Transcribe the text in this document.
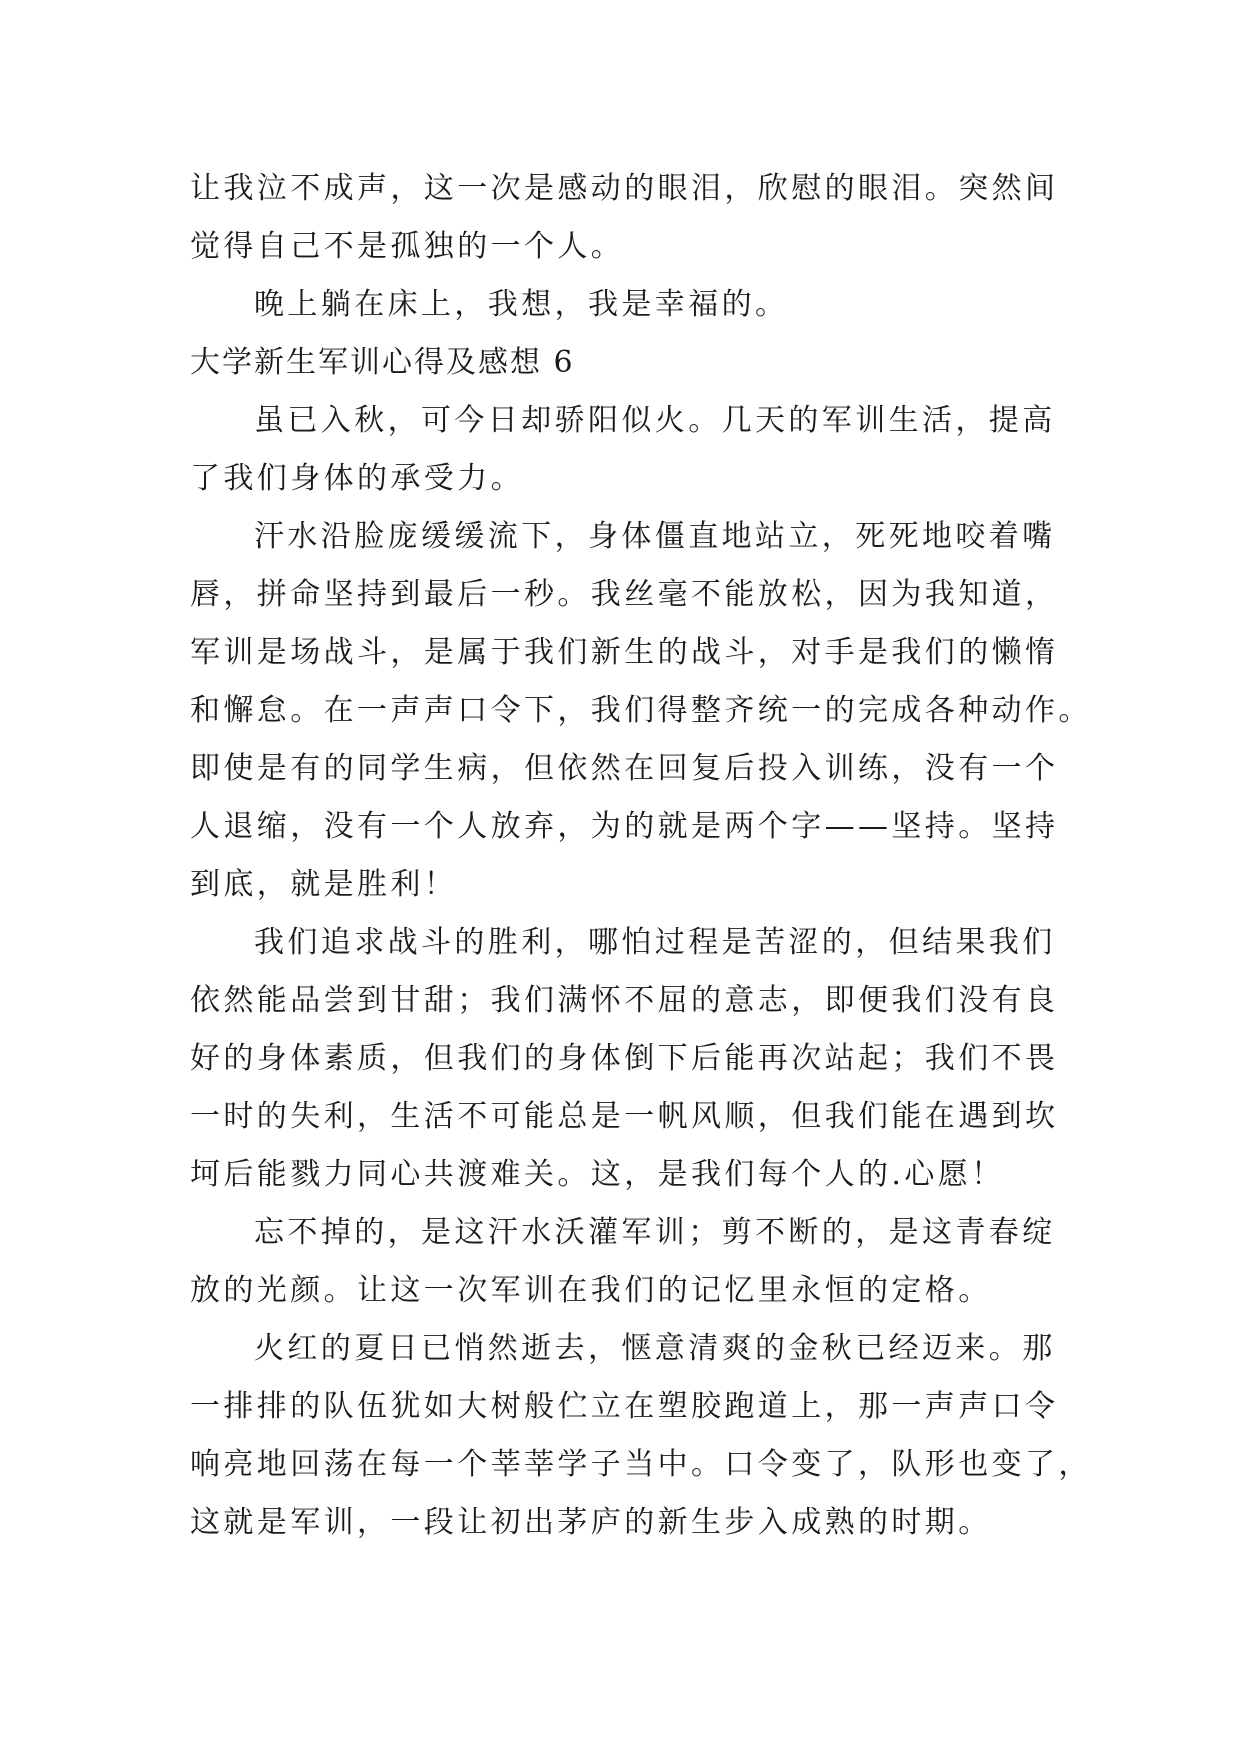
让我泣不成声，这一次是感动的眼泪，欣慰的眼泪。突然间
觉得自己不是孤独的一个人。
晚上躺在床上，我想，我是幸福的。
大学新生军训心得及感想 6
虽已入秋，可今日却骄阳似火。几天的军训生活，提高
了我们身体的承受力。
汗水沿脸庞缓缓流下，身体僵直地站立，死死地咬着嘴
唇，拼命坚持到最后一秒。我丝毫不能放松，因为我知道，
军训是场战斗，是属于我们新生的战斗，对手是我们的懒惰
和懈怠。在一声声口令下，我们得整齐统一的完成各种动作。
即使是有的同学生病，但依然在回复后投入训练，没有一个
人退缩，没有一个人放弃，为的就是两个字——坚持。坚持
到底，就是胜利！
我们追求战斗的胜利，哪怕过程是苦涩的，但结果我们
依然能品尝到甘甜；我们满怀不屈的意志，即便我们没有良
好的身体素质，但我们的身体倒下后能再次站起；我们不畏
一时的失利，生活不可能总是一帆风顺，但我们能在遇到坎
坷后能戮力同心共渡难关。这，是我们每个人的.心愿！
忘不掉的，是这汗水沃灌军训；剪不断的，是这青春绽
放的光颜。让这一次军训在我们的记忆里永恒的定格。
火红的夏日已悄然逝去，惬意清爽的金秋已经迈来。那
一排排的队伍犹如大树般伫立在塑胶跑道上，那一声声口令
响亮地回荡在每一个莘莘学子当中。口令变了，队形也变了，
这就是军训，一段让初出茅庐的新生步入成熟的时期。
